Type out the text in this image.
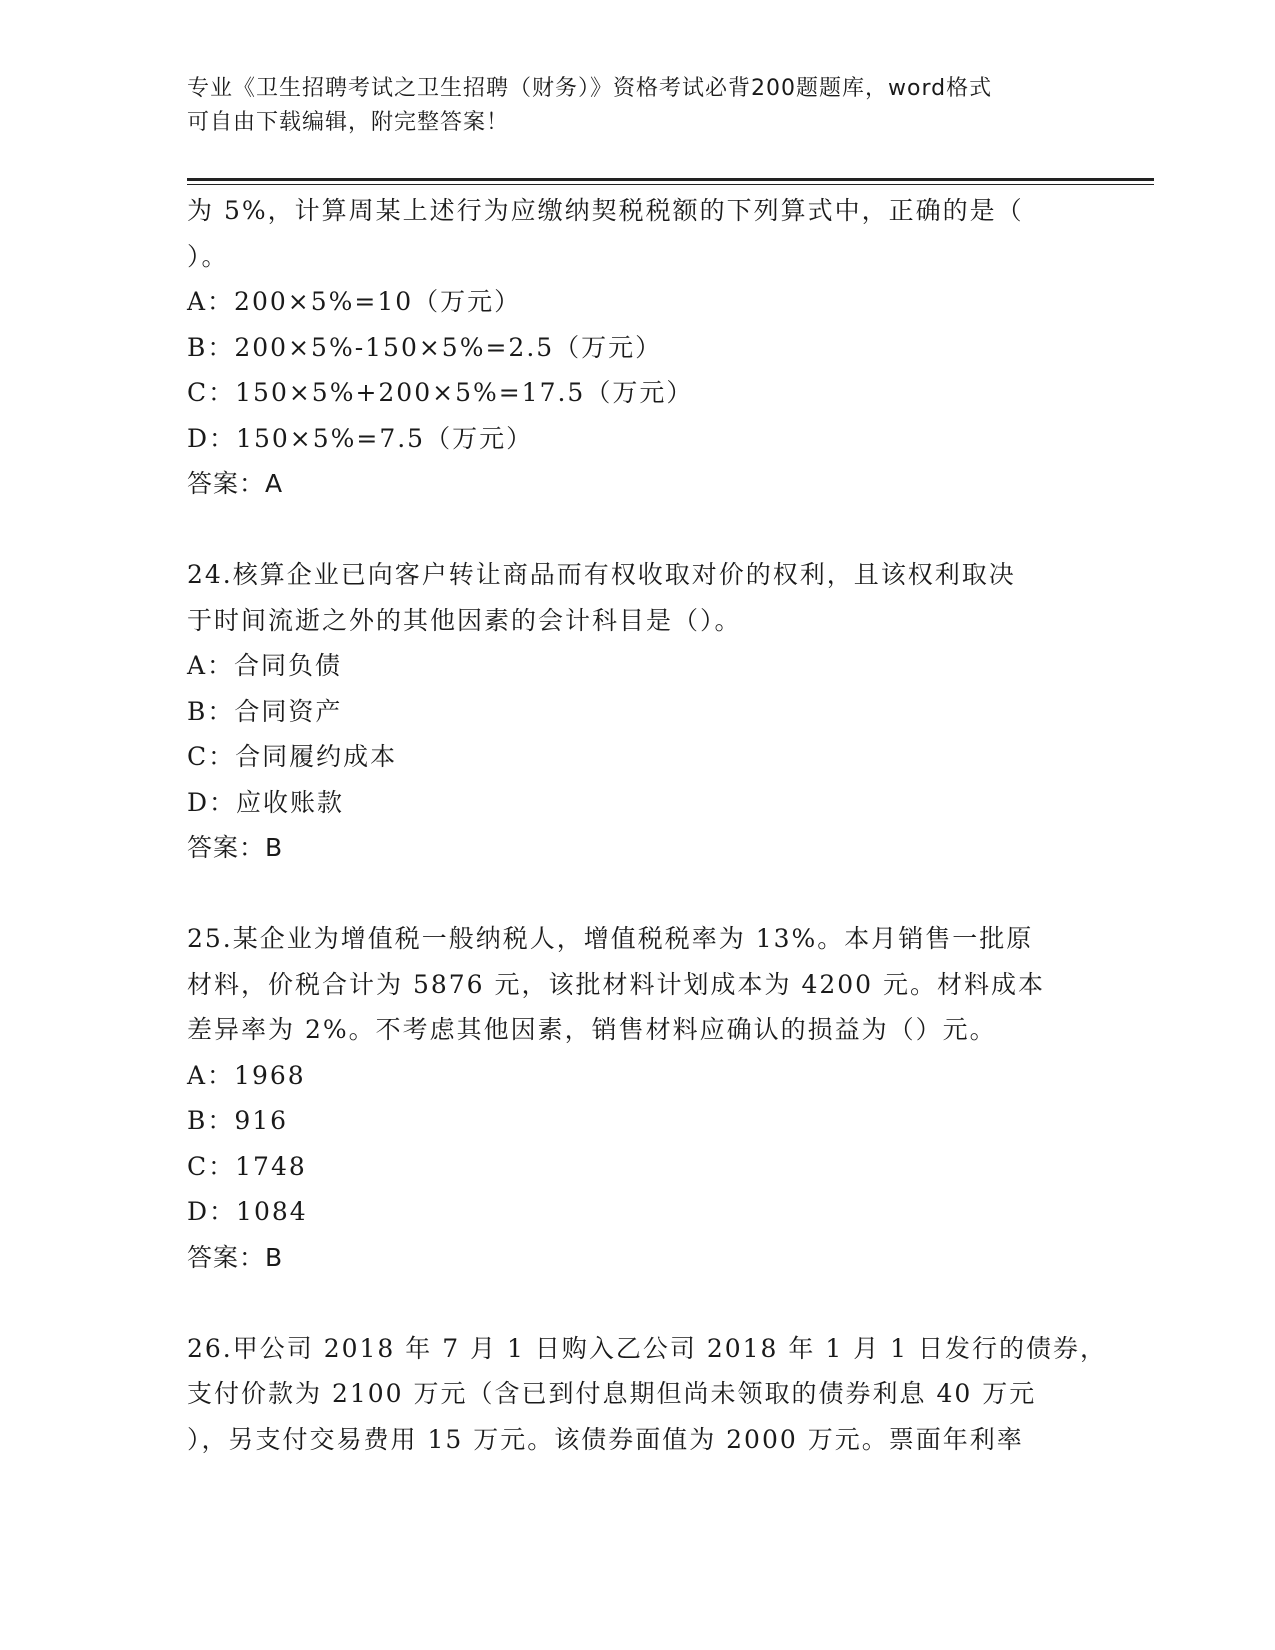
专业《卫生招聘考试之卫生招聘（财务）》资格考试必背200题题库，word格式
可自由下载编辑，附完整答案！
为 5%，计算周某上述行为应缴纳契税税额的下列算式中，正确的是（
）。
A：200×5%=10（万元）
B：200×5%-150×5%=2.5（万元）
C：150×5%+200×5%=17.5（万元）
D：150×5%=7.5（万元）
答案：A
24.核算企业已向客户转让商品而有权收取对价的权利，且该权利取决
于时间流逝之外的其他因素的会计科目是（）。
A：合同负债
B：合同资产
C：合同履约成本
D：应收账款
答案：B
25.某企业为增值税一般纳税人，增值税税率为 13%。本月销售一批原
材料，价税合计为 5876 元，该批材料计划成本为 4200 元。材料成本
差异率为 2%。不考虑其他因素，销售材料应确认的损益为（）元。
A：1968
B：916
C：1748
D：1084
答案：B
26.甲公司 2018 年 7 月 1 日购入乙公司 2018 年 1 月 1 日发行的债券，
支付价款为 2100 万元（含已到付息期但尚未领取的债券利息 40 万元
），另支付交易费用 15 万元。该债券面值为 2000 万元。票面年利率
